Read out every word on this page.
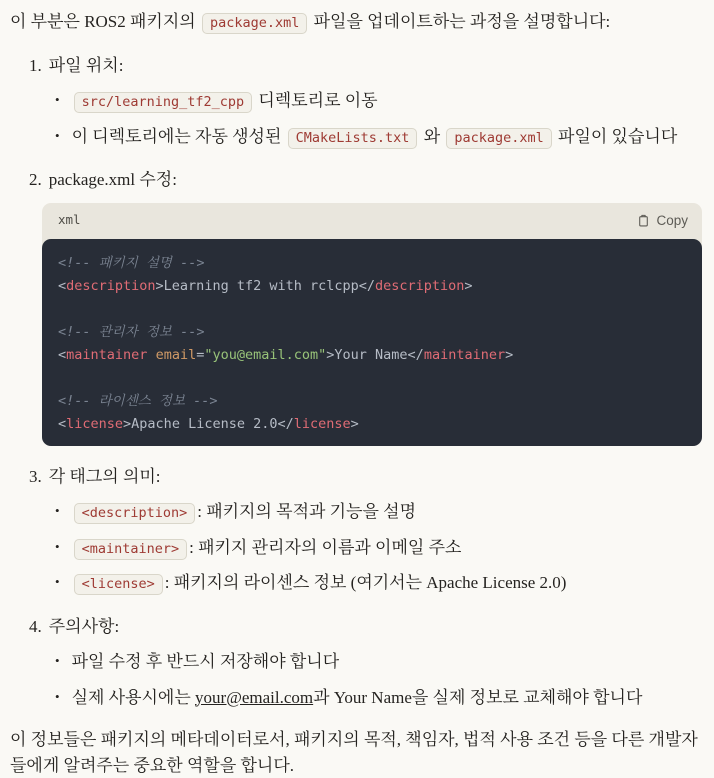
이 부분은 ROS2 패키지의 package.xml 파일을 업데이트하는 과정을 설명합니다:

1. 파일 위치:
•	src/learning_tf2_cpp 디렉토리로 이동
• 이 디렉토리에는 자동 생성된 CMakeLists.txt 와 package.xml 파일이 있습니다
2. package.xml 수정:
xml	Copy
<!-- 패키지 설명 -->
<description>Learning tf2 with rclcpp</description>
<!-- 관리자 정보 -->
<maintainer email="you@email.com">Your Name</maintainer>
<!-- 라이센스 정보 -->
<license>Apache License 2.0</license>
3. 각 태그의 의미:
•	<description> : 패키지의 목적과 기능을 설명
•	<maintainer> : 패키지 관리자의 이름과 이메일 주소
•	<license> : 패키지의 라이센스 정보 (여기서는 Apache License 2.0)
4. 주의사항:
• 파일 수정 후 반드시 저장해야 합니다
• 실제 사용시에는 your@email.com과 Your Name을 실제 정보로 교체해야 합니다

이 정보들은 패키지의 메타데이터로서, 패키지의 목적, 책임자, 법적 사용 조건 등을 다른 개발자들에게 알려주는 중요한 역할을 합니다.
